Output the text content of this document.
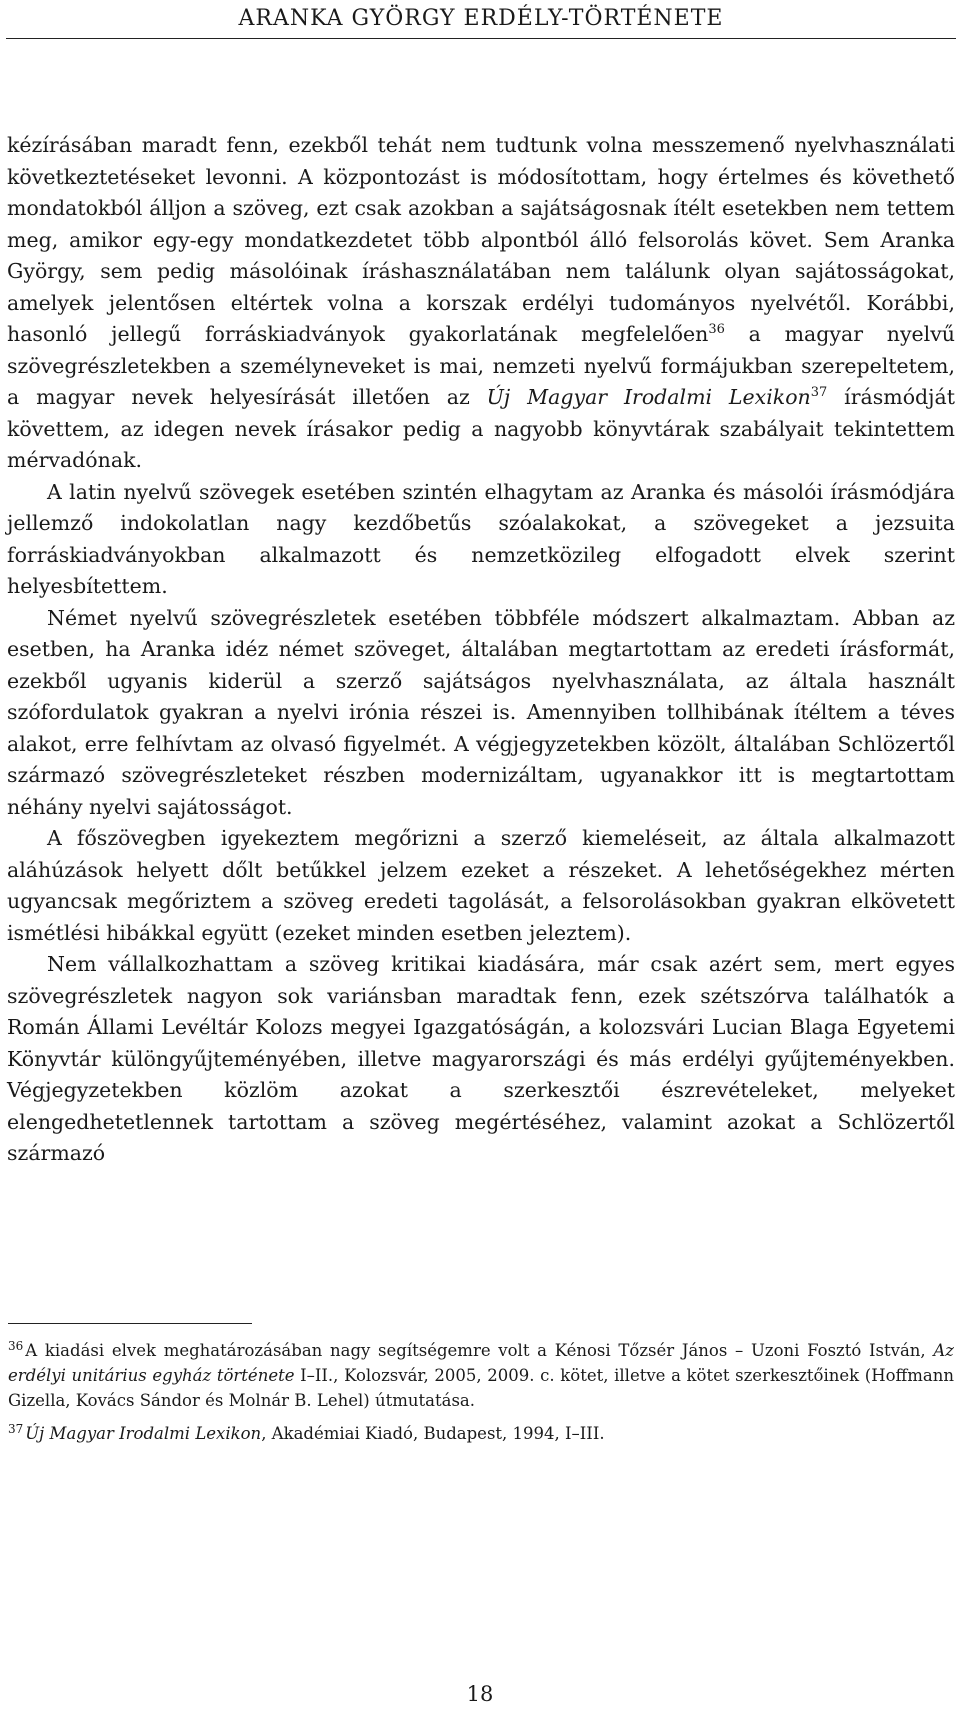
ARANKA GYÖRGY ERDÉLY-TÖRTÉNETE

kézírásában maradt fenn, ezekből tehát nem tudtunk volna messzemenő nyelvhasználati következtetéseket levonni. A központozást is módosítottam, hogy értelmes és követhető mondatokból álljon a szöveg, ezt csak azokban a sajátságosnak ítélt esetekben nem tettem meg, amikor egy-egy mondatkezdetet több alpontból álló felsorolás követ. Sem Aranka György, sem pedig másolóinak íráshasználatában nem találunk olyan sajátosságokat, amelyek jelentősen eltértek volna a korszak erdélyi tudományos nyelvétől. Korábbi, hasonló jellegű forráskiadványok gyakorlatának megfelelően$^{36}$ a magyar nyelvű szövegrészletekben a személyneveket is mai, nemzeti nyelvű formájukban szerepeltetem, a magyar nevek helyesírását illetően az Új Magyar Irodalmi Lexikon$^{37}$ írásmódját követtem, az idegen nevek írásakor pedig a nagyobb könyvtárak szabályait tekintettem mérvadónak.

A latin nyelvű szövegek esetében szintén elhagytam az Aranka és másolói írásmódjára jellemző indokolatlan nagy kezdőbetűs szóalakokat, a szövegeket a jezsuita forráskiadványokban alkalmazott és nemzetközileg elfogadott elvek szerint helyesbítettem.

Német nyelvű szövegrészletek esetében többféle módszert alkalmaztam. Abban az esetben, ha Aranka idéz német szöveget, általában megtartottam az eredeti írásformát, ezekből ugyanis kiderül a szerző sajátságos nyelvhasználata, az általa használt szófordulatok gyakran a nyelvi irónia részei is. Amennyiben tollhibának ítéltem a téves alakot, erre felhívtam az olvasó figyelmét. A végjegyzetekben közölt, általában Schlözertől származó szövegrészleteket részben modernizáltam, ugyanakkor itt is megtartottam néhány nyelvi sajátosságot.

A főszövegben igyekeztem megőrizni a szerző kiemeléseit, az általa alkalmazott aláhúzások helyett dőlt betűkkel jelzem ezeket a részeket. A lehetőségekhez mérten ugyancsak megőriztem a szöveg eredeti tagolását, a felsorolásokban gyakran elkövetett ismétlési hibákkal együtt (ezeket minden esetben jeleztem).

Nem vállalkozhattam a szöveg kritikai kiadására, már csak azért sem, mert egyes szövegrészletek nagyon sok variánsban maradtak fenn, ezek szétszórva találhatók a Román Állami Levéltár Kolozs megyei Igazgatóságán, a kolozsvári Lucian Blaga Egyetemi Könyvtár különgyűjteményében, illetve magyarországi és más erdélyi gyűjteményekben. Végjegyzetekben közlöm azokat a szerkesztői észrevételeket, melyeket elengedhetetlennek tartottam a szöveg megértéséhez, valamint azokat a Schlözertől származó

$^{36}$ A kiadási elvek meghatározásában nagy segítségemre volt a Kénosi Tőzsér János – Uzoni Fosztó István, Az erdélyi unitárius egyház története I–II., Kolozsvár, 2005, 2009. c. kötet, illetve a kötet szerkesztőinek (Hoffmann Gizella, Kovács Sándor és Molnár B. Lehel) útmutatása.

$^{37}$ Új Magyar Irodalmi Lexikon, Akadémiai Kiadó, Budapest, 1994, I–III.

18
